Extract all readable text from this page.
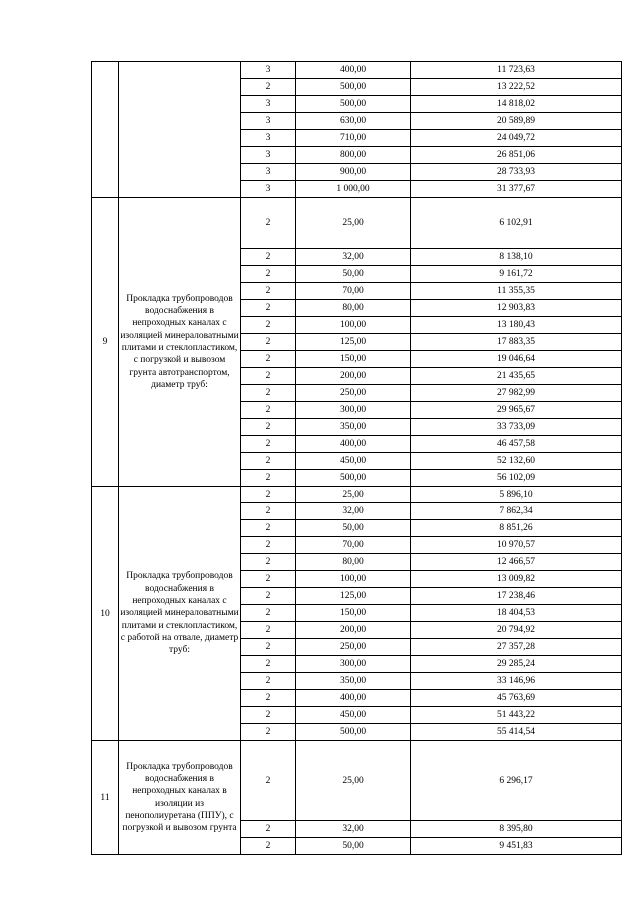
		3	400,00	11 723,63
		2	500,00	13 222,52
		3	500,00	14 818,02
		3	630,00	20 589,89
		3	710,00	24 049,72
		3	800,00	26 851,06
		3	900,00	28 733,93
		3	1 000,00	31 377,67
9	Прокладка трубопроводов водоснабжения в непроходных каналах с изоляцией минераловатными плитами и стеклопластиком, с погрузкой и вывозом грунта автотранспортом, диаметр труб:	2	25,00	6 102,91
		2	32,00	8 138,10
		2	50,00	9 161,72
		2	70,00	11 355,35
		2	80,00	12 903,83
		2	100,00	13 180,43
		2	125,00	17 883,35
		2	150,00	19 046,64
		2	200,00	21 435,65
		2	250,00	27 982,99
		2	300,00	29 965,67
		2	350,00	33 733,09
		2	400,00	46 457,58
		2	450,00	52 132,60
		2	500,00	56 102,09
10	Прокладка трубопроводов водоснабжения в непроходных каналах с изоляцией минераловатными плитами и стеклопластиком, с работой на отвале, диаметр труб:	2	25,00	5 896,10
		2	32,00	7 862,34
		2	50,00	8 851,26
		2	70,00	10 970,57
		2	80,00	12 466,57
		2	100,00	13 009,82
		2	125,00	17 238,46
		2	150,00	18 404,53
		2	200,00	20 794,92
		2	250,00	27 357,28
		2	300,00	29 285,24
		2	350,00	33 146,96
		2	400,00	45 763,69
		2	450,00	51 443,22
		2	500,00	55 414,54
11	Прокладка трубопроводов водоснабжения в непроходных каналах в изоляции из пенополиуретана (ППУ), с погрузкой и вывозом грунта	2	25,00	6 296,17
		2	32,00	8 395,80
		2	50,00	9 451,83
